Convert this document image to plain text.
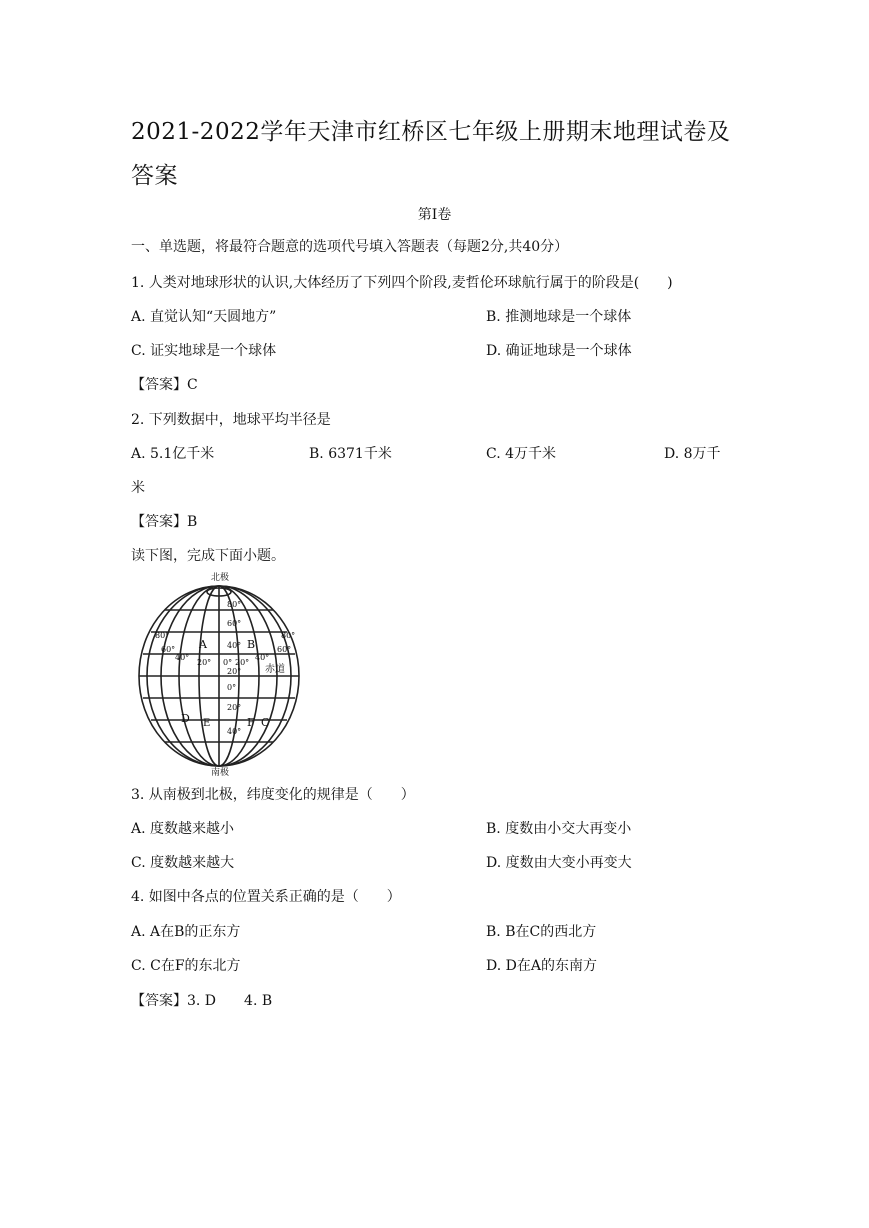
2021-2022学年天津市红桥区七年级上册期末地理试卷及答案
第Ⅰ卷
一、单选题，将最符合题意的选项代号填入答题表（每题2分,共40分）
1. 人类对地球形状的认识,大体经历了下列四个阶段,麦哲伦环球航行属于的阶段是(　　)
A. 直觉认知“天圆地方”	B. 推测地球是一个球体
C. 证实地球是一个球体	D. 确证地球是一个球体
【答案】C
2. 下列数据中，地球平均半径是
A. 5.1亿千米	B. 6371千米	C. 4万千米	D. 8万千
米
【答案】B
读下图，完成下面小题。
北极
南极
赤道
A	B
C
D E	F
80°
60°
40°
0°
20°
20°
40°
80°
60°
40°
20° 0° 20°
40°
60°
80°
3. 从南极到北极，纬度变化的规律是（　　）
A. 度数越来越小	B. 度数由小交大再变小
C. 度数越来越大	D. 度数由大变小再变大
4. 如图中各点的位置关系正确的是（　　）
A. A在B的正东方	B. B在C的西北方
C. C在F的东北方	D. D在A的东南方
【答案】3. D　　4. B
